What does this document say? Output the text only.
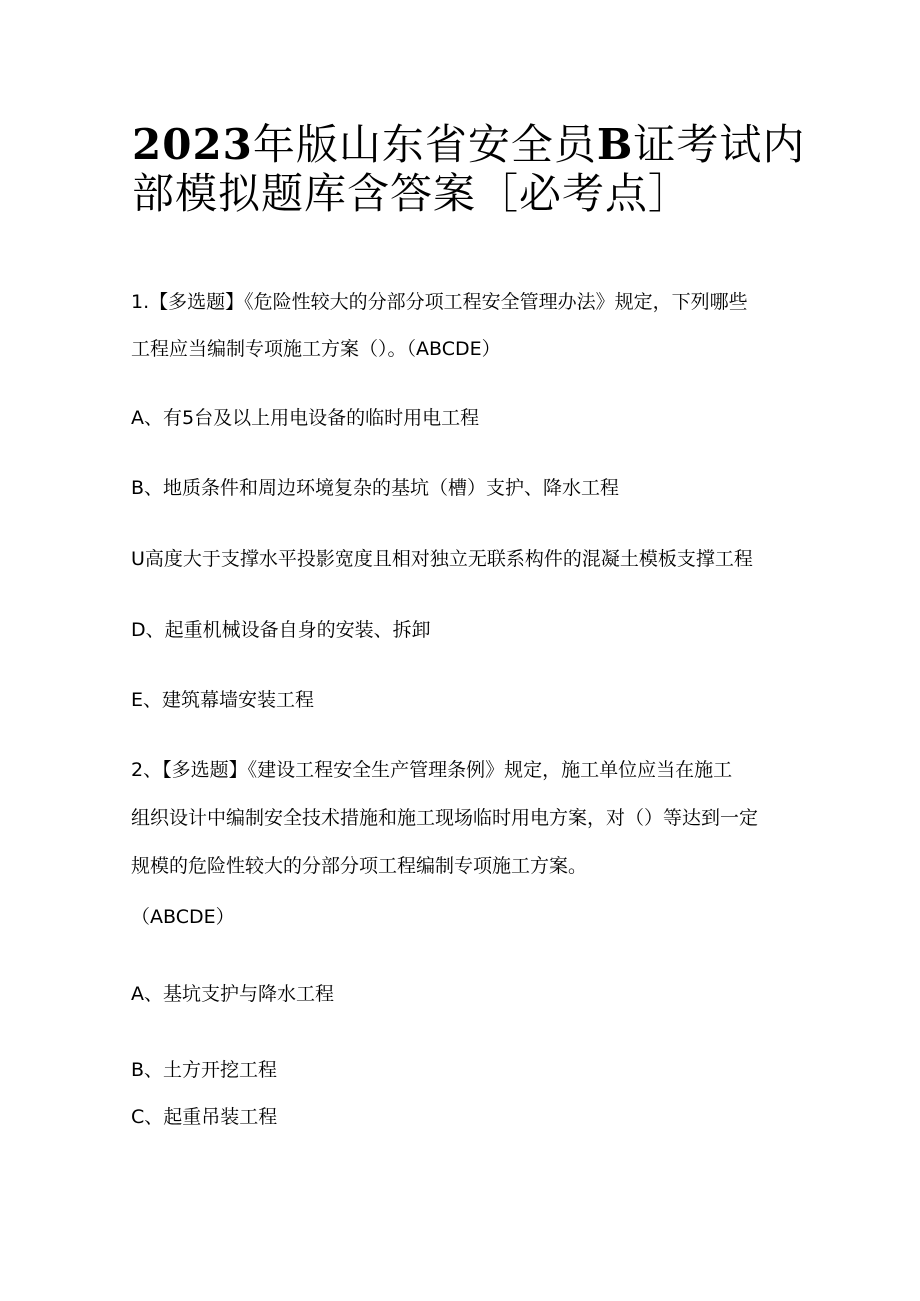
2023年版山东省安全员B证考试内
部模拟题库含答案［必考点］

1.【多选题】《危险性较大的分部分项工程安全管理办法》规定，下列哪些

工程应当编制专项施工方案（）。（ABCDE）

A、有5台及以上用电设备的临时用电工程

B、地质条件和周边环境复杂的基坑（槽）支护、降水工程

U高度大于支撑水平投影宽度且相对独立无联系构件的混凝土模板支撑工程

D、起重机械设备自身的安装、拆卸

E、建筑幕墙安装工程

2、【多选题】《建设工程安全生产管理条例》规定，施工单位应当在施工

组织设计中编制安全技术措施和施工现场临时用电方案，对（）等达到一定

规模的危险性较大的分部分项工程编制专项施工方案。

（ABCDE）

A、基坑支护与降水工程

B、土方开挖工程

C、起重吊装工程
